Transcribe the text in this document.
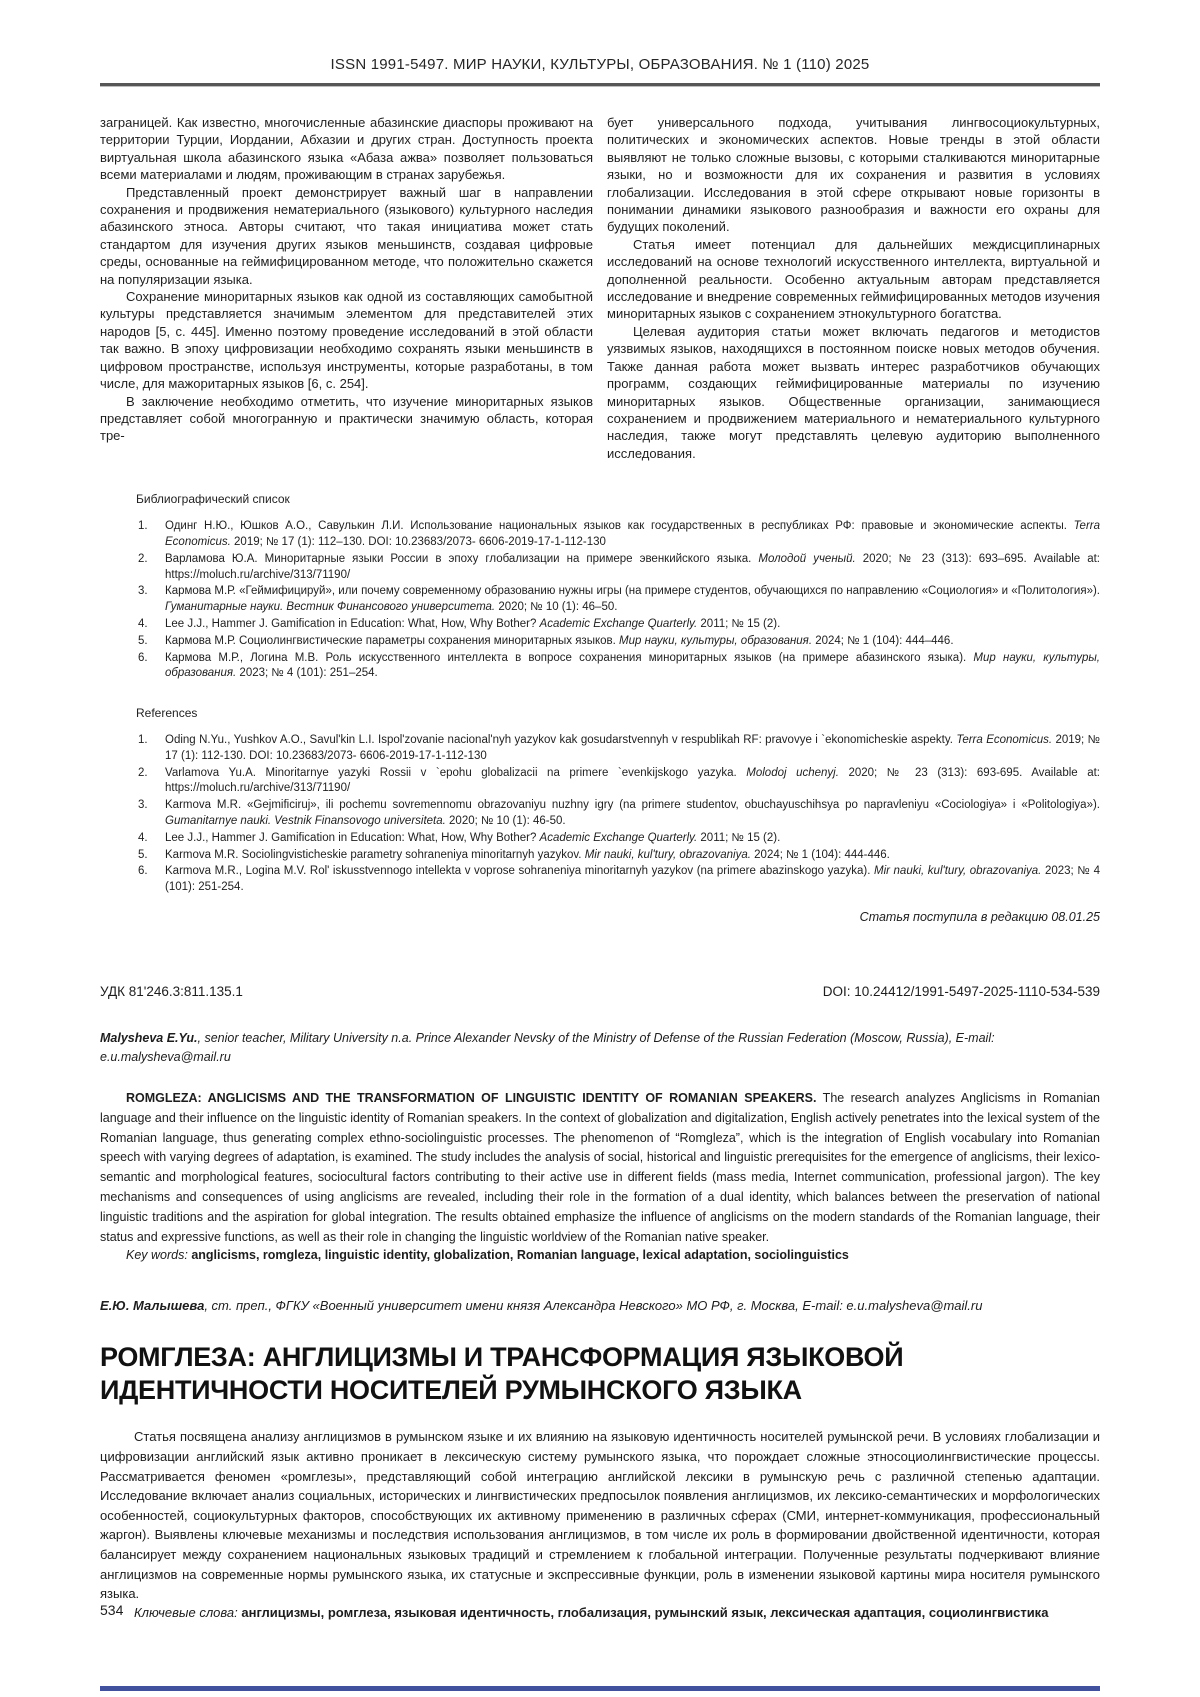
ISSN 1991-5497. МИР НАУКИ, КУЛЬТУРЫ, ОБРАЗОВАНИЯ. № 1 (110) 2025

заграницей. Как известно, многочисленные абазинские диаспоры проживают на территории Турции, Иордании, Абхазии и других стран. Доступность проекта виртуальная школа абазинского языка «Абаза ажва» позволяет пользоваться всеми материалами и людям, проживающим в странах зарубежья.

Представленный проект демонстрирует важный шаг в направлении сохранения и продвижения нематериального (языкового) культурного наследия абазинского этноса. Авторы считают, что такая инициатива может стать стандартом для изучения других языков меньшинств, создавая цифровые среды, основанные на геймифицированном методе, что положительно скажется на популяризации языка.

Сохранение миноритарных языков как одной из составляющих самобытной культуры представляется значимым элементом для представителей этих народов [5, с. 445]. Именно поэтому проведение исследований в этой области так важно. В эпоху цифровизации необходимо сохранять языки меньшинств в цифровом пространстве, используя инструменты, которые разработаны, в том числе, для мажоритарных языков [6, с. 254].

В заключение необходимо отметить, что изучение миноритарных языков представляет собой многогранную и практически значимую область, которая тре-

бует универсального подхода, учитывания лингвосоциокультурных, политических и экономических аспектов. Новые тренды в этой области выявляют не только сложные вызовы, с которыми сталкиваются миноритарные языки, но и возможности для их сохранения и развития в условиях глобализации. Исследования в этой сфере открывают новые горизонты в понимании динамики языкового разнообразия и важности его охраны для будущих поколений.

Статья имеет потенциал для дальнейших междисциплинарных исследований на основе технологий искусственного интеллекта, виртуальной и дополненной реальности. Особенно актуальным авторам представляется исследование и внедрение современных геймифицированных методов изучения миноритарных языков с сохранением этнокультурного богатства.

Целевая аудитория статьи может включать педагогов и методистов уязвимых языков, находящихся в постоянном поиске новых методов обучения. Также данная работа может вызвать интерес разработчиков обучающих программ, создающих геймифицированные материалы по изучению миноритарных языков. Общественные организации, занимающиеся сохранением и продвижением материального и нематериального культурного наследия, также могут представлять целевую аудиторию выполненного исследования.

Библиографический список
Одинг Н.Ю., Юшков А.О., Савулькин Л.И. Использование национальных языков как государственных в республиках РФ: правовые и экономические аспекты. Terra Economicus. 2019; № 17 (1): 112–130. DOI: 10.23683/2073- 6606-2019-17-1-112-130
Варламова Ю.А. Миноритарные языки России в эпоху глобализации на примере эвенкийского языка. Молодой ученый. 2020; № 23 (313): 693–695. Available at: https://moluch.ru/archive/313/71190/
Кармова М.Р. «Геймифицируй», или почему современному образованию нужны игры (на примере студентов, обучающихся по направлению «Социология» и «Политология»). Гуманитарные науки. Вестник Финансового университета. 2020; № 10 (1): 46–50.
Lee J.J., Hammer J. Gamification in Education: What, How, Why Bother? Academic Exchange Quarterly. 2011; № 15 (2).
Кармова М.Р. Социолингвистические параметры сохранения миноритарных языков. Мир науки, культуры, образования. 2024; № 1 (104): 444–446.
Кармова М.Р., Логина М.В. Роль искусственного интеллекта в вопросе сохранения миноритарных языков (на примере абазинского языка). Мир науки, культуры, образования. 2023; № 4 (101): 251–254.
References
Oding N.Yu., Yushkov A.O., Savul'kin L.I. Ispol'zovanie nacional'nyh yazykov kak gosudarstvennyh v respublikah RF: pravovye i `ekonomicheskie aspekty. Terra Economicus. 2019; № 17 (1): 112-130. DOI: 10.23683/2073- 6606-2019-17-1-112-130
Varlamova Yu.A. Minoritarnye yazyki Rossii v `epohu globalizacii na primere `evenkijskogo yazyka. Molodoj uchenyj. 2020; № 23 (313): 693-695. Available at: https://moluch.ru/archive/313/71190/
Karmova M.R. «Gejmificiruj», ili pochemu sovremennomu obrazovaniyu nuzhny igry (na primere studentov, obuchayuschihsya po napravleniyu «Cociologiya» i «Politologiya»). Gumanitarnye nauki. Vestnik Finansovogo universiteta. 2020; № 10 (1): 46-50.
Lee J.J., Hammer J. Gamification in Education: What, How, Why Bother? Academic Exchange Quarterly. 2011; № 15 (2).
Karmova M.R. Sociolingvisticheskie parametry sohraneniya minoritarnyh yazykov. Mir nauki, kul'tury, obrazovaniya. 2024; № 1 (104): 444-446.
Karmova M.R., Logina M.V. Rol' iskusstvennogo intellekta v voprose sohraneniya minoritarnyh yazykov (na primere abazinskogo yazyka). Mir nauki, kul'tury, obrazovaniya. 2023; № 4 (101): 251-254.
Статья поступила в редакцию 08.01.25
УДК 81'246.3:811.135.1	DOI: 10.24412/1991-5497-2025-1110-534-539
Malysheva E.Yu., senior teacher, Military University n.a. Prince Alexander Nevsky of the Ministry of Defense of the Russian Federation (Moscow, Russia), E-mail: e.u.malysheva@mail.ru

ROMGLEZA: ANGLICISMS AND THE TRANSFORMATION OF LINGUISTIC IDENTITY OF ROMANIAN SPEAKERS. The research analyzes Anglicisms in Romanian language and their influence on the linguistic identity of Romanian speakers. In the context of globalization and digitalization, English actively penetrates into the lexical system of the Romanian language, thus generating complex ethno-sociolinguistic processes. The phenomenon of “Romgleza”, which is the integration of English vocabulary into Romanian speech with varying degrees of adaptation, is examined. The study includes the analysis of social, historical and linguistic prerequisites for the emergence of anglicisms, their lexico-semantic and morphological features, sociocultural factors contributing to their active use in different fields (mass media, Internet communication, professional jargon). The key mechanisms and consequences of using anglicisms are revealed, including their role in the formation of a dual identity, which balances between the preservation of national linguistic traditions and the aspiration for global integration. The results obtained emphasize the influence of anglicisms on the modern standards of the Romanian language, their status and expressive functions, as well as their role in changing the linguistic worldview of the Romanian native speaker.

Key words: anglicisms, romgleza, linguistic identity, globalization, Romanian language, lexical adaptation, sociolinguistics

Е.Ю. Малышева, ст. преп., ФГКУ «Военный университет имени князя Александра Невского» МО РФ, г. Москва, E-mail: e.u.malysheva@mail.ru
РОМГЛЕЗА: АНГЛИЦИЗМЫ И ТРАНСФОРМАЦИЯ ЯЗЫКОВОЙ ИДЕНТИЧНОСТИ НОСИТЕЛЕЙ РУМЫНСКОГО ЯЗЫКА

Статья посвящена анализу англицизмов в румынском языке и их влиянию на языковую идентичность носителей румынской речи. В условиях глобализации и цифровизации английский язык активно проникает в лексическую систему румынского языка, что порождает сложные этносоциолингвистические процессы. Рассматривается феномен «ромглезы», представляющий собой интеграцию английской лексики в румынскую речь с различной степенью адаптации. Исследование включает анализ социальных, исторических и лингвистических предпосылок появления англицизмов, их лексико-семантических и морфологических особенностей, социокультурных факторов, способствующих их активному применению в различных сферах (СМИ, интернет-коммуникация, профессиональный жаргон). Выявлены ключевые механизмы и последствия использования англицизмов, в том числе их роль в формировании двойственной идентичности, которая балансирует между сохранением национальных языковых традиций и стремлением к глобальной интеграции. Полученные результаты подчеркивают влияние англицизмов на современные нормы румынского языка, их статусные и экспрессивные функции, роль в изменении языковой картины мира носителя румынского языка.

Ключевые слова: англицизмы, ромглеза, языковая идентичность, глобализация, румынский язык, лексическая адаптация, социолингвистика

534
